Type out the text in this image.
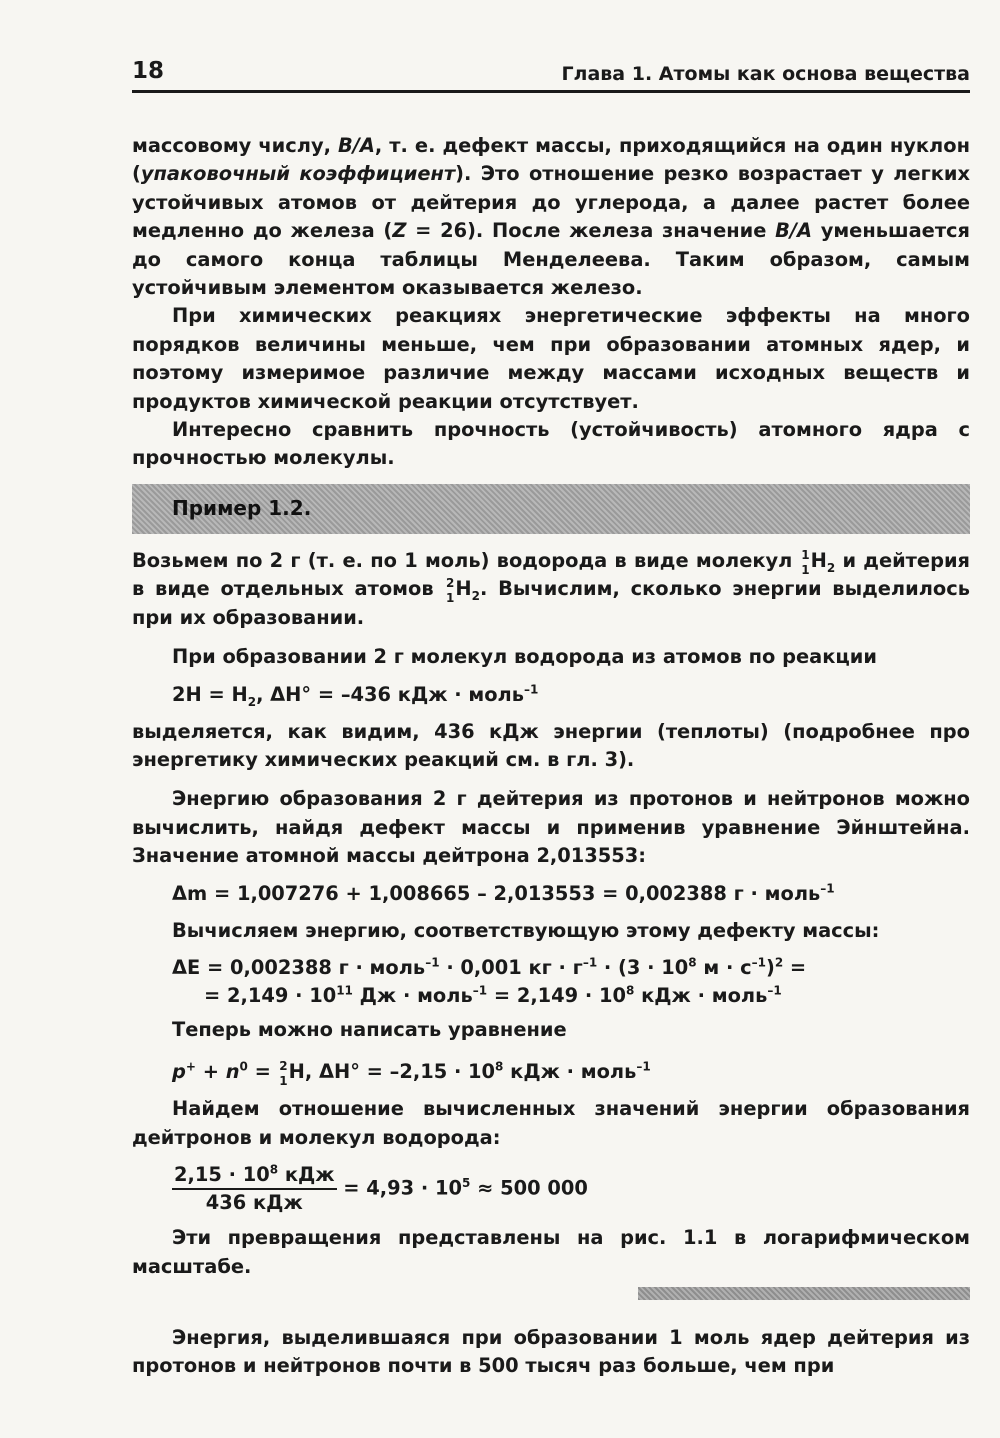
18	Глава 1. Атомы как основа вещества

массовому числу, B/A, т. е. дефект массы, приходящийся на один нуклон (упаковочный коэффициент). Это отношение резко возрастает у легких устойчивых атомов от дейтерия до углерода, а далее растет более медленно до железа (Z = 26). После железа значение B/A уменьшается до самого конца таблицы Менделеева. Таким образом, самым устойчивым элементом оказывается железо.

При химических реакциях энергетические эффекты на много порядков величины меньше, чем при образовании атомных ядер, и поэтому измеримое различие между массами исходных веществ и продуктов химической реакции отсутствует.

Интересно сравнить прочность (устойчивость) атомного ядра с прочностью молекулы.

Пример 1.2.

Возьмем по 2 г (т. е. по 1 моль) водорода в виде молекул 1
1 $H_2$ и дейтерия в виде отдельных атомов 2
1 $H_2$. Вычислим, сколько энергии выделилось при их образовании.

При образовании 2 г молекул водорода из атомов по реакции

$2H = H_2$, ΔH° = –436 кДж · моль$^{-1}$

выделяется, как видим, 436 кДж энергии (теплоты) (подробнее про энергетику химических реакций см. в гл. 3).

Энергию образования 2 г дейтерия из протонов и нейтронов можно вычислить, найдя дефект массы и применив уравнение Эйнштейна. Значение атомной массы дейтрона 2,013553:

Δm = 1,007276 + 1,008665 – 2,013553 = 0,002388 г · моль$^{-1}$

Вычисляем энергию, соответствующую этому дефекту массы:

ΔE = 0,002388 г · моль$^{-1}$ · 0,001 кг · $г^{-1} \cdot (3 \cdot 10^8$ $м \cdot с^{-1})^2$ =
= $2,149 \cdot 10^{11}$ Дж · моль$^{-1}$ = $2,149 \cdot 10^8$ кДж · моль$^{-1}$

Теперь можно написать уравнение

$p^+ + n^0 = 2$
1 H, $\Delta H^\circ = -2,15 \cdot 10^8$ кДж · моль$^{-1}$

Найдем отношение вычисленных значений энергии образования дейтронов и молекул водорода:

$\frac{2,15 \cdot 10^8 кДж}{\text{436 кДж}} = 4,93 \cdot 10^5 \approx 500$ 000

Эти превращения представлены на рис. 1.1 в логарифмическом масштабе.

Энергия, выделившаяся при образовании 1 моль ядер дейтерия из протонов и нейтронов почти в 500 тысяч раз больше, чем при
